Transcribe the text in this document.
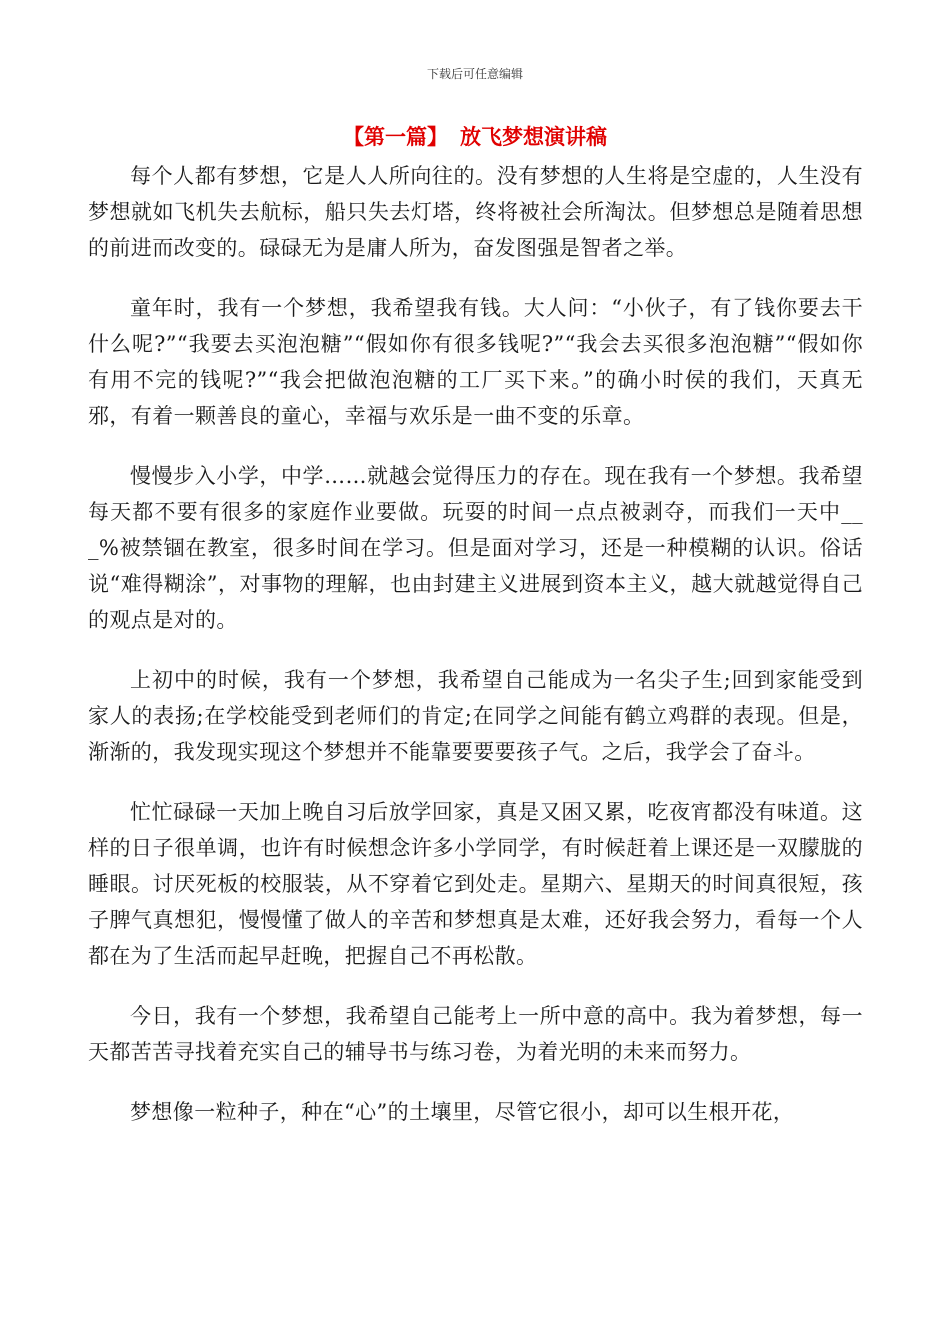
下载后可任意编辑
【第一篇】 放飞梦想演讲稿

每个人都有梦想，它是人人所向往的。没有梦想的人生将是空虚的，人生没有梦想就如飞机失去航标，船只失去灯塔，终将被社会所淘汰。但梦想总是随着思想的前进而改变的。碌碌无为是庸人所为，奋发图强是智者之举。

童年时，我有一个梦想，我希望我有钱。大人问：“小伙子，有了钱你要去干什么呢?”“我要去买泡泡糖”“假如你有很多钱呢?”“我会去买很多泡泡糖”“假如你有用不完的钱呢?”“我会把做泡泡糖的工厂买下来。”的确小时侯的我们，天真无邪，有着一颗善良的童心，幸福与欢乐是一曲不变的乐章。

慢慢步入小学，中学……就越会觉得压力的存在。现在我有一个梦想。我希望每天都不要有很多的家庭作业要做。玩耍的时间一点点被剥夺，而我们一天中___%被禁锢在教室，很多时间在学习。但是面对学习，还是一种模糊的认识。俗话说“难得糊涂”，对事物的理解，也由封建主义进展到资本主义，越大就越觉得自己的观点是对的。

上初中的时候，我有一个梦想，我希望自己能成为一名尖子生;回到家能受到家人的表扬;在学校能受到老师们的肯定;在同学之间能有鹤立鸡群的表现。但是，渐渐的，我发现实现这个梦想并不能靠要要要孩子气。之后，我学会了奋斗。

忙忙碌碌一天加上晚自习后放学回家，真是又困又累，吃夜宵都没有味道。这样的日子很单调，也许有时候想念许多小学同学，有时候赶着上课还是一双朦胧的睡眼。讨厌死板的校服装，从不穿着它到处走。星期六、星期天的时间真很短，孩子脾气真想犯，慢慢懂了做人的辛苦和梦想真是太难，还好我会努力，看每一个人都在为了生活而起早赶晚，把握自己不再松散。

今日，我有一个梦想，我希望自己能考上一所中意的高中。我为着梦想，每一天都苦苦寻找着充实自己的辅导书与练习卷，为着光明的未来而努力。

梦想像一粒种子，种在“心”的土壤里，尽管它很小，却可以生根开花，
